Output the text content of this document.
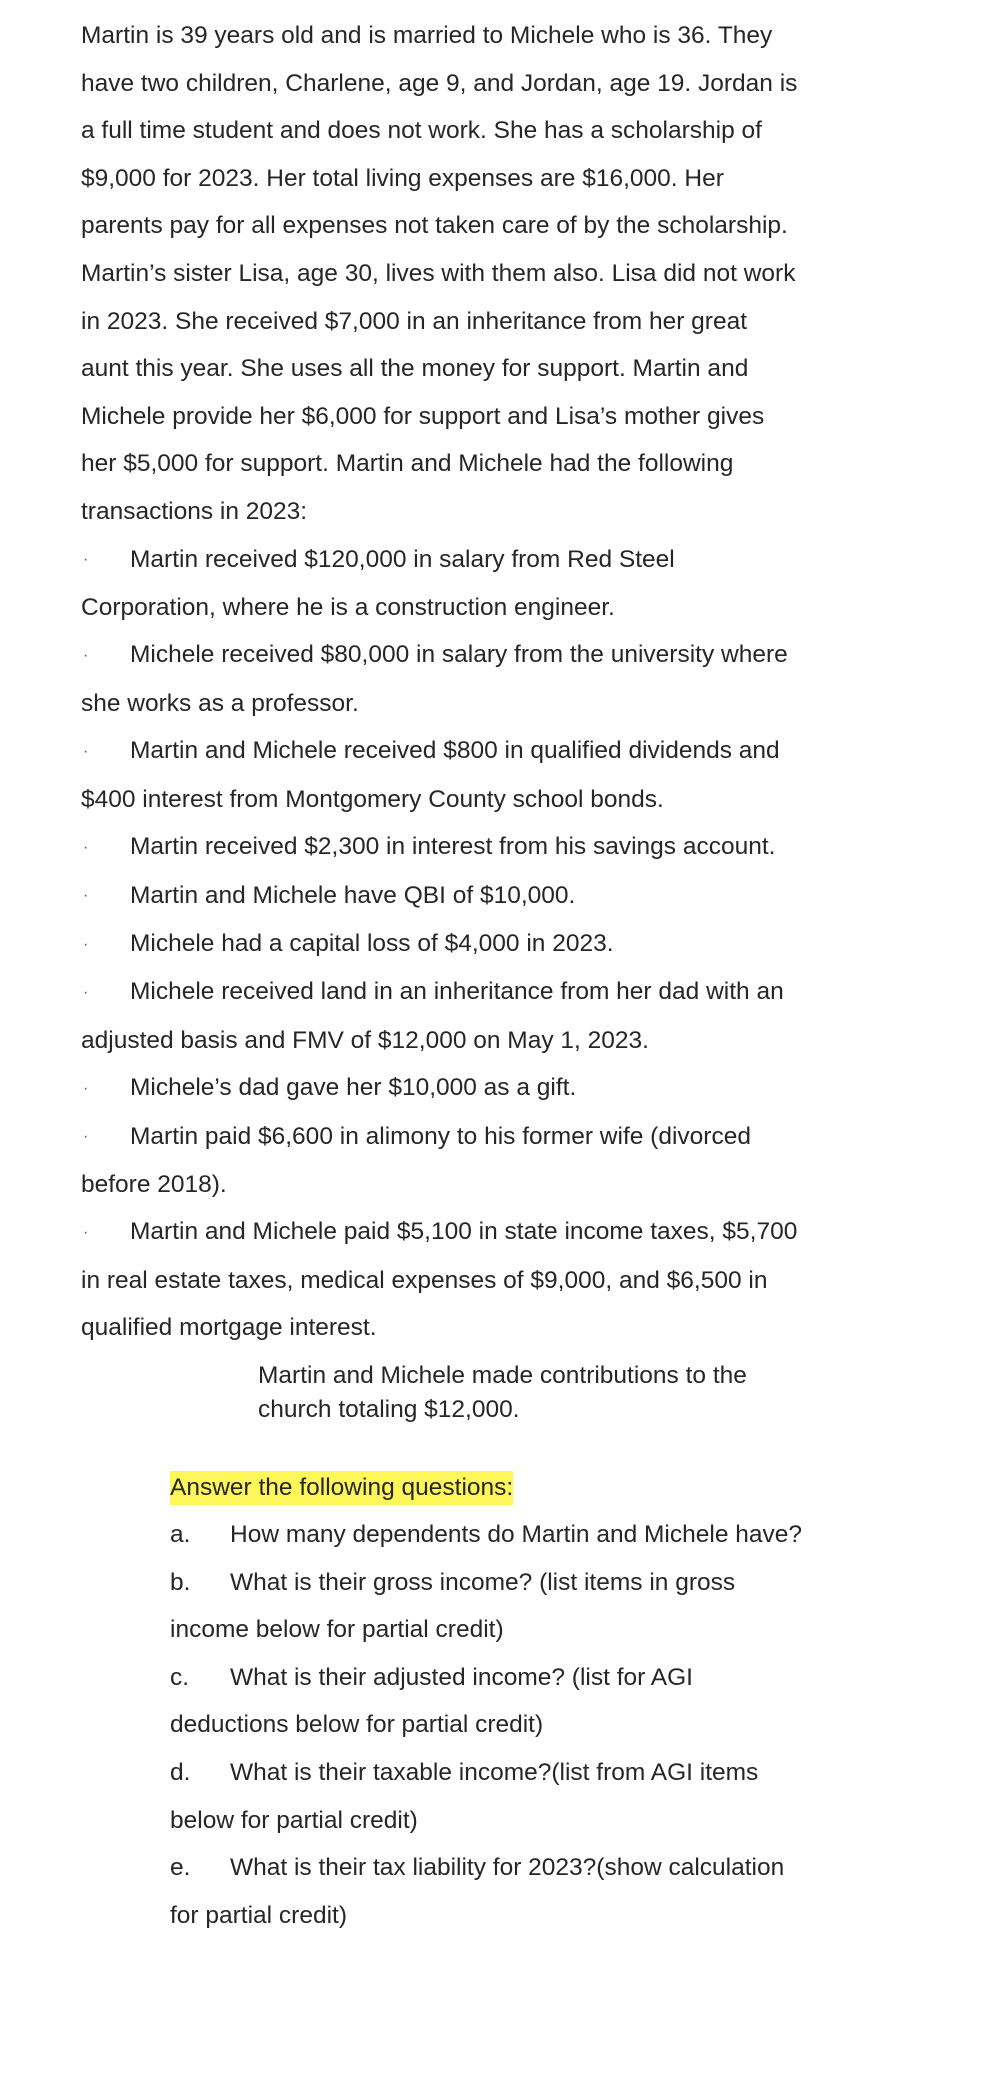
Martin is 39 years old and is married to Michele who is 36. They have two children, Charlene, age 9, and Jordan, age 19. Jordan is a full time student and does not work. She has a scholarship of $9,000 for 2023. Her total living expenses are $16,000. Her parents pay for all expenses not taken care of by the scholarship. Martin’s sister Lisa, age 30, lives with them also. Lisa did not work in 2023. She received $7,000 in an inheritance from her great aunt this year. She uses all the money for support. Martin and Michele provide her $6,000 for support and Lisa’s mother gives her $5,000 for support. Martin and Michele had the following transactions in 2023:

· Martin received $120,000 in salary from Red Steel Corporation, where he is a construction engineer.

· Michele received $80,000 in salary from the university where she works as a professor.

· Martin and Michele received $800 in qualified dividends and $400 interest from Montgomery County school bonds.

· Martin received $2,300 in interest from his savings account.

· Martin and Michele have QBI of $10,000.

· Michele had a capital loss of $4,000 in 2023.

· Michele received land in an inheritance from her dad with an adjusted basis and FMV of $12,000 on May 1, 2023.

· Michele’s dad gave her $10,000 as a gift.

· Martin paid $6,600 in alimony to his former wife (divorced before 2018).

· Martin and Michele paid $5,100 in state income taxes, $5,700 in real estate taxes, medical expenses of $9,000, and $6,500 in qualified mortgage interest.

Martin and Michele made contributions to the church totaling $12,000.

Answer the following questions:

a. How many dependents do Martin and Michele have?

b. What is their gross income? (list items in gross income below for partial credit)

c. What is their adjusted income? (list for AGI deductions below for partial credit)

d. What is their taxable income?(list from AGI items below for partial credit)

e. What is their tax liability for 2023?(show calculation for partial credit)
